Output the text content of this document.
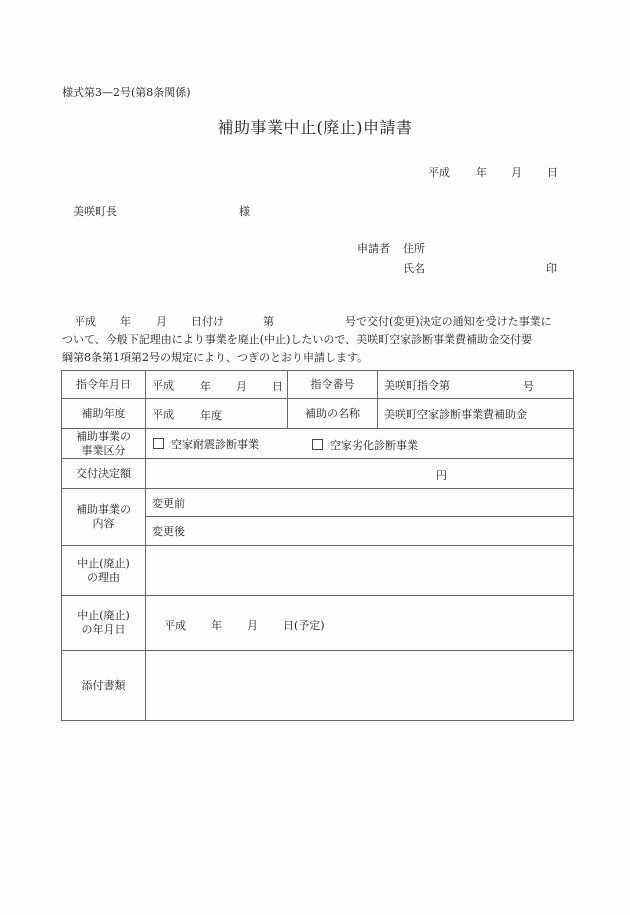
様式第3—2号(第8条関係)
補助事業中止(廃止)申請書
平成 年 月 日
美咲町長	様
申請者 住所
氏名	印
平成 年 月 日付け	第	号で交付(変更)決定の通知を受けた事業に
ついて、今般下記理由により事業を廃止(中止)したいので、美咲町空家診断事業費補助金交付要
綱第8条第1項第2号の規定により、つぎのとおり申請します。
指令年月日	平成 年 月 日	指令番号	美咲町指令第 号

補助年度	平成 年度	補助の名称	美咲町空家診断事業費補助金

補助事業の
事業区分	空家耐震診断事業	空家劣化診断事業

交付決定額	円		

補助事業の
内容	変更前		
	変更後		

中止(廃止)
の理由			

中止(廃止)
の年月日	平成 年 月 日(予定)

添付書類			
